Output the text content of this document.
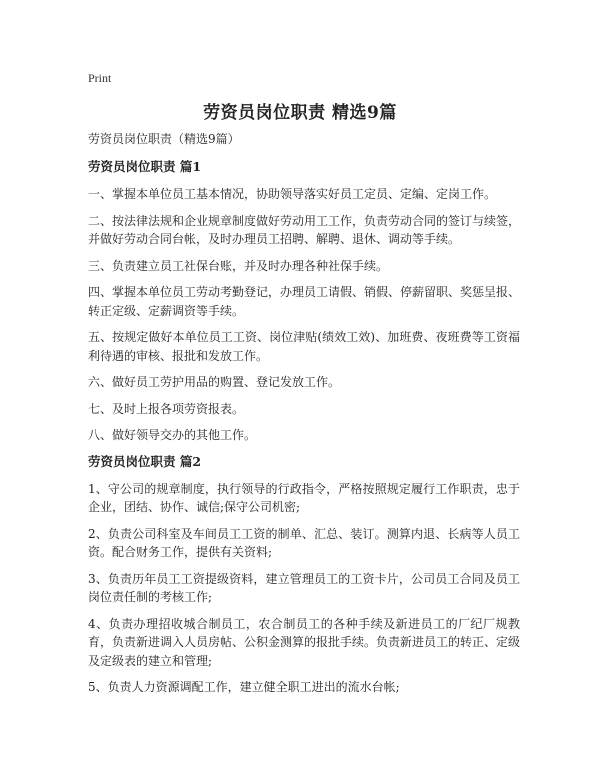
Print
劳资员岗位职责 精选9篇
劳资员岗位职责（精选9篇）
劳资员岗位职责 篇1
一、掌握本单位员工基本情况，协助领导落实好员工定员、定编、定岗工作。
二、按法律法规和企业规章制度做好劳动用工工作，负责劳动合同的签订与续签，并做好劳动合同台帐，及时办理员工招聘、解聘、退休、调动等手续。
三、负责建立员工社保台账，并及时办理各种社保手续。
四、掌握本单位员工劳动考勤登记，办理员工请假、销假、停薪留职、奖惩呈报、转正定级、定薪调资等手续。
五、按规定做好本单位员工工资、岗位津贴(绩效工效)、加班费、夜班费等工资福利待遇的审核、报批和发放工作。
六、做好员工劳护用品的购置、登记发放工作。
七、及时上报各项劳资报表。
八、做好领导交办的其他工作。
劳资员岗位职责 篇2
1、守公司的规章制度，执行领导的行政指令，严格按照规定履行工作职责，忠于企业，团结、协作、诚信;保守公司机密;
2、负责公司科室及车间员工工资的制单、汇总、装订。测算内退、长病等人员工资。配合财务工作，提供有关资料;
3、负责历年员工工资提级资料，建立管理员工的工资卡片，公司员工合同及员工岗位责任制的考核工作;
4、负责办理招收城合制员工，农合制员工的各种手续及新进员工的厂纪厂规教育，负责新进调入人员房帖、公积金测算的报批手续。负责新进员工的转正、定级及定级表的建立和管理;
5、负责人力资源调配工作，建立健全职工进出的流水台帐;
